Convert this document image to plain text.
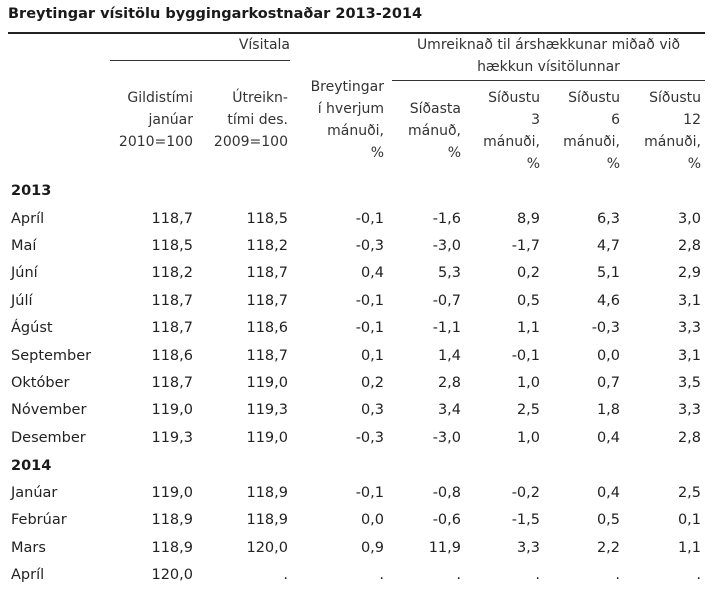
Breytingar vísitölu byggingarkostnaðar 2013-2014
Vísitala	Umreiknað til árshækkunar miðað við
hækkun vísitölunnar
Gildistími
janúar
2010=100
Útreikn-
tími des.
2009=100
Breytingar
í hverjum
mánuði,
%
Síðasta
mánuð,
%
Síðustu
3
mánuði,
%
Síðustu
6
mánuði,
%
Síðustu
12
mánuði,
%
2013
Apríl	118,7	118,5	-0,1	-1,6	8,9	6,3	3,0
Maí	118,5	118,2	-0,3	-3,0	-1,7	4,7	2,8
Júní	118,2	118,7	0,4	5,3	0,2	5,1	2,9
Júlí	118,7	118,7	-0,1	-0,7	0,5	4,6	3,1
Ágúst	118,7	118,6	-0,1	-1,1	1,1	-0,3	3,3
September	118,6	118,7	0,1	1,4	-0,1	0,0	3,1
Október	118,7	119,0	0,2	2,8	1,0	0,7	3,5
Nóvember	119,0	119,3	0,3	3,4	2,5	1,8	3,3
Desember	119,3	119,0	-0,3	-3,0	1,0	0,4	2,8
2014
Janúar	119,0	118,9	-0,1	-0,8	-0,2	0,4	2,5
Febrúar	118,9	118,9	0,0	-0,6	-1,5	0,5	0,1
Mars	118,9	120,0	0,9	11,9	3,3	2,2	1,1
Apríl	120,0	.	.	.	.	.	.
